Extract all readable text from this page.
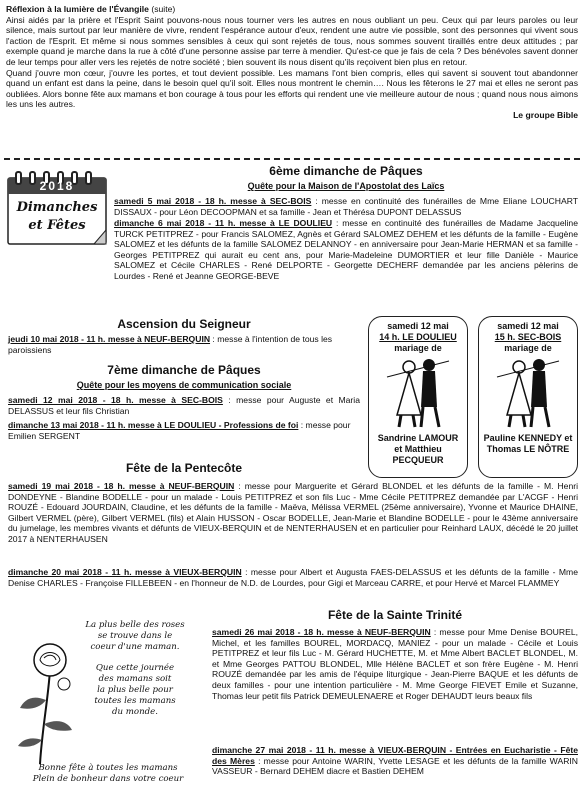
Réflexion à la lumière de l'Évangile (suite)

Ainsi aidés par la prière et l'Esprit Saint pouvons-nous nous tourner vers les autres en nous oubliant un peu. Ceux qui par leurs paroles ou leur silence, mais surtout par leur manière de vivre, rendent l'espérance autour d'eux, rendent une autre vie possible, sont des personnes qui vivent sous l'action de l'Esprit. Et même si nous sommes sensibles à ceux qui sont rejetés de tous, nous sommes souvent tiraillés entre deux attitudes ; par exemple quand je marche dans la rue à côté d'une personne assise par terre à mendier. Qu'est-ce que je fais de cela ? Des bénévoles savent donner de leur temps pour aller vers les rejetés de notre société ; bien souvent ils nous disent qu'ils reçoivent bien plus en retour.

Quand j'ouvre mon cœur, j'ouvre les portes, et tout devient possible. Les mamans l'ont bien compris, elles qui savent si souvent tout abandonner quand un enfant est dans la peine, dans le besoin quel qu'il soit. Elles nous montrent le chemin…. Nous les fêterons le 27 mai et elles ne seront pas oubliées. Alors bonne fête aux mamans et bon courage à tous pour les efforts qui rendent une vie meilleure autour de nous ; quand nous nous aimons les uns les autres.

Le groupe Bible

2018
Dimanches
et Fêtes
6ème dimanche de Pâques
Quête pour la Maison de l'Apostolat des Laïcs
samedi 5 mai 2018 - 18 h. messe à SEC-BOIS : messe en continuité des funérailles de Mme Eliane LOUCHART DISSAUX - pour Léon DECOOPMAN et sa famille - Jean et Thérésa DUPONT DELASSUS
dimanche 6 mai 2018 - 11 h. messe à LE DOULIEU : messe en continuité des funérailles de Madame Jacqueline TURCK PETITPREZ - pour Francis SALOMEZ, Agnès et Gérard SALOMEZ DEHEM et les défunts de la famille - Eugène SALOMEZ et les défunts de la famille SALOMEZ DELANNOY - en anniversaire pour Jean-Marie HERMAN et sa famille - Georges PETITPREZ qui aurait eu cent ans, pour Marie-Madeleine DUMORTIER et leur fille Danièle - Maurice SALOMEZ et Cécile CHARLES - René DELPORTE - Georgette DECHERF demandée par les anciens pèlerins de Lourdes - René et Jeanne GEORGE-BEVE
Ascension du Seigneur
jeudi 10 mai 2018 - 11 h. messe à NEUF-BERQUIN : messe à l'intention de tous les paroissiens
7ème dimanche de Pâques
Quête pour les moyens de communication sociale
samedi 12 mai 2018 - 18 h. messe à SEC-BOIS : messe pour Auguste et Maria DELASSUS et leur fils Christian
dimanche 13 mai 2018 - 11 h. messe à LE DOULIEU - Professions de foi : messe pour Emilien SERGENT
samedi 12 mai
14 h. LE DOULIEU
mariage de
Sandrine LAMOUR et Matthieu PECQUEUR
samedi 12 mai
15 h. SEC-BOIS
mariage de
Pauline KENNEDY et Thomas LE NÔTRE
Fête de la Pentecôte
samedi 19 mai 2018 - 18 h. messe à NEUF-BERQUIN : messe pour Marguerite et Gérard BLONDEL et les défunts de la famille - M. Henri DONDEYNE - Blandine BODELLE - pour un malade - Louis PETITPREZ et son fils Luc - Mme Cécile PETITPREZ demandée par L'ACGF - Henri ROUZÉ - Edouard JOURDAIN, Claudine, et les défunts de la famille - Maëva, Mélissa VERMEL (25ème anniversaire), Yvonne et Maurice DHAINE, Gilbert VERMEL (père), Gilbert VERMEL (fils) et Alain HUSSON - Oscar BODELLE, Jean-Marie et Blandine BODELLE - pour le 43ème anniversaire du jumelage, les membres vivants et défunts de VIEUX-BERQUIN et de NENTERHAUSEN et en particulier pour Reinhard LAUX, décédé le 20 juillet 2017 à NENTERHAUSEN
dimanche 20 mai 2018 - 11 h. messe à VIEUX-BERQUIN : messe pour Albert et Augusta FAES-DELASSUS et les défunts de la famille - Mme Denise CHARLES - Françoise FILLEBEEN - en l'honneur de N.D. de Lourdes, pour Gigi et Marceau CARRE, et pour Hervé et Marcel FLAMMEY
La plus belle des roses
se trouve dans le
coeur d'une maman.
Que cette journée
des mamans soit
la plus belle pour
toutes les mamans
du monde.
Bonne fête à toutes les mamans
Plein de bonheur dans votre coeur
Fête de la Sainte Trinité
samedi 26 mai 2018 - 18 h. messe à NEUF-BERQUIN : messe pour Mme Denise BOUREL, Michel, et les familles BOUREL, MORDACQ, MANIEZ - pour un malade - Cécile et Louis PETITPREZ et leur fils Luc - M. Gérard HUCHETTE, M. et Mme Albert BACLET BLONDEL, M. et Mme Georges PATTOU BLONDEL, Mlle Hélène BACLET et son frère Eugène - M. Henri ROUZÉ demandée par les amis de l'équipe liturgique - Jean-Pierre BAQUE et les défunts de deux familles - pour une intention particulière - M. Mme George FIEVET Emile et Suzanne, Thomas leur petit fils Patrick DEMEULENAERE et Roger DEHAUDT leurs beaux fils
dimanche 27 mai 2018 - 11 h. messe à VIEUX-BERQUIN - Entrées en Eucharistie - Fête des Mères : messe pour Antoine WARIN, Yvette LESAGE et les défunts de la famille WARIN VASSEUR - Bernard DEHEM diacre et Bastien DEHEM
